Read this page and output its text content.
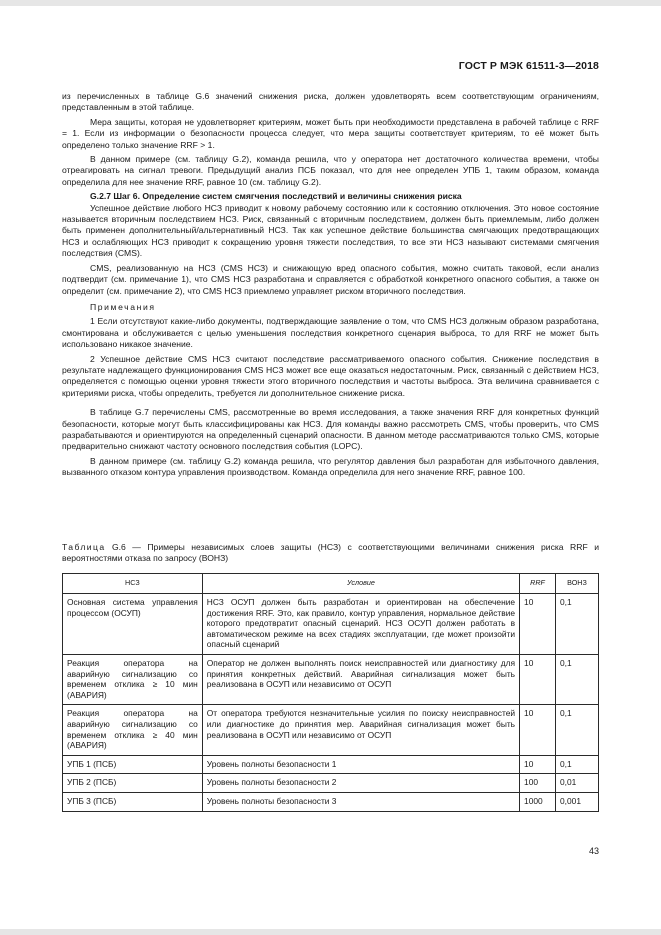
ГОСТ Р МЭК 61511-3—2018

из перечисленных в таблице G.6 значений снижения риска, должен удовлетворять всем соответствующим ограничениям, представленным в этой таблице.

Мера защиты, которая не удовлетворяет критериям, может быть при необходимости представлена в рабочей таблице с RRF = 1. Если из информации о безопасности процесса следует, что мера защиты соответствует критериям, то её может быть определено только значение RRF > 1.

В данном примере (см. таблицу G.2), команда решила, что у оператора нет достаточного количества времени, чтобы отреагировать на сигнал тревоги. Предыдущий анализ ПСБ показал, что для нее определен УПБ 1, таким образом, команда определила для нее значение RRF, равное 10 (см. таблицу G.2).

G.2.7 Шаг 6. Определение систем смягчения последствий и величины снижения риска

Успешное действие любого НСЗ приводит к новому рабочему состоянию или к состоянию отключения. Это новое состояние называется вторичным последствием НСЗ. Риск, связанный с вторичным последствием, должен быть приемлемым, либо должен быть применен дополнительный/альтернативный НСЗ. Так как успешное действие большинства смягчающих предотвращающих НСЗ и ослабляющих НСЗ приводит к сокращению уровня тяжести последствия, то все эти НСЗ называют системами смягчения последствия (CMS).

CMS, реализованную на НСЗ (CMS НСЗ) и снижающую вред опасного события, можно считать таковой, если анализ подтвердит (см. примечание 1), что CMS НСЗ разработана и справляется с обработкой конкретного опасного события, а также он определит (см. примечание 2), что CMS НСЗ приемлемо управляет риском вторичного последствия.

Примечания

1 Если отсутствуют какие-либо документы, подтверждающие заявление о том, что CMS НСЗ должным образом разработана, смонтирована и обслуживается с целью уменьшения последствия конкретного сценария выброса, то для RRF не может быть использовано никакое значение.

2 Успешное действие CMS НСЗ считают последствие рассматриваемого опасного события. Снижение последствия в результате надлежащего функционирования CMS НСЗ может все еще оказаться недостаточным. Риск, связанный с действием НСЗ, определяется с помощью оценки уровня тяжести этого вторичного последствия и частоты выброса. Эта величина сравнивается с критериями риска, чтобы определить, требуется ли дополнительное снижение риска.

В таблице G.7 перечислены CMS, рассмотренные во время исследования, а также значения RRF для конкретных функций безопасности, которые могут быть классифицированы как НСЗ. Для команды важно рассмотреть CMS, чтобы проверить, что CMS разрабатываются и ориентируются на определенный сценарий опасности. В данном методе рассматриваются только CMS, которые предварительно снижают частоту основного последствия события (LOPC).

В данном примере (см. таблицу G.2) команда решила, что регулятор давления был разработан для избыточного давления, вызванного отказом контура управления производством. Команда определила для него значение RRF, равное 100.

Таблица G.6 — Примеры независимых слоев защиты (НСЗ) с соответствующими величинами снижения риска RRF и вероятностями отказа по запросу (ВОНЗ)
НСЗ	Условие	RRF	ВОНЗ
Основная система управления процессом (ОСУП)	НСЗ ОСУП должен быть разработан и ориентирован на обеспечение достижения RRF. Это, как правило, контур управления, нормальное действие которого предотвратит опасный сценарий. НСЗ ОСУП должен работать в автоматическом режиме на всех стадиях эксплуатации, где может произойти опасный сценарий	10	0,1
Реакция оператора на аварийную сигнализацию со временем отклика ≥ 10 мин (АВАРИЯ)	Оператор не должен выполнять поиск неисправностей или диагностику для принятия конкретных действий. Аварийная сигнализация может быть реализована в ОСУП или независимо от ОСУП	10	0,1
Реакция оператора на аварийную сигнализацию со временем отклика ≥ 40 мин (АВАРИЯ)	От оператора требуются незначительные усилия по поиску неисправностей или диагностике до принятия мер. Аварийная сигнализация может быть реализована в ОСУП или независимо от ОСУП	10	0,1
УПБ 1 (ПСБ)	Уровень полноты безопасности 1	10	0,1
УПБ 2 (ПСБ)	Уровень полноты безопасности 2	100	0,01
УПБ 3 (ПСБ)	Уровень полноты безопасности 3	1000	0,001
43
